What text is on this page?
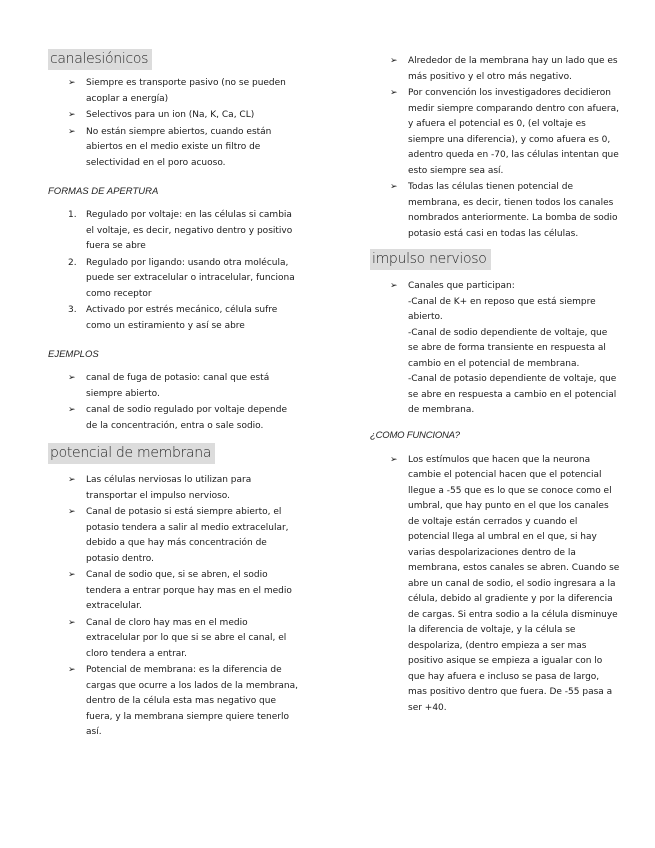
canalesiónicos
➢ Siempre es transporte pasivo (no se pueden acoplar a energía)
➢ Selectivos para un ion (Na, K, Ca, CL)
➢ No están siempre abiertos, cuando están abiertos en el medio existe un filtro de selectividad en el poro acuoso.
FORMAS DE APERTURA
1. Regulado por voltaje: en las células si cambia el voltaje, es decir, negativo dentro y positivo fuera se abre
2. Regulado por ligando: usando otra molécula, puede ser extracelular o intracelular, funciona como receptor
3. Activado por estrés mecánico, célula sufre como un estiramiento y así se abre
EJEMPLOS
➢ canal de fuga de potasio: canal que está siempre abierto.
➢ canal de sodio regulado por voltaje depende de la concentración, entra o sale sodio.
potencial de membrana
➢ Las células nerviosas lo utilizan para transportar el impulso nervioso.
➢ Canal de potasio si está siempre abierto, el potasio tendera a salir al medio extracelular, debido a que hay más concentración de potasio dentro.
➢ Canal de sodio que, si se abren, el sodio tendera a entrar porque hay mas en el medio extracelular.
➢ Canal de cloro hay mas en el medio extracelular por lo que si se abre el canal, el cloro tendera a entrar.
➢ Potencial de membrana: es la diferencia de cargas que ocurre a los lados de la membrana, dentro de la célula esta mas negativo que fuera, y la membrana siempre quiere tenerlo así.
➢ Alrededor de la membrana hay un lado que es más positivo y el otro más negativo.
➢ Por convención los investigadores decidieron medir siempre comparando dentro con afuera, y afuera el potencial es 0, (el voltaje es siempre una diferencia), y como afuera es 0, adentro queda en -70, las células intentan que esto siempre sea así.
➢ Todas las células tienen potencial de membrana, es decir, tienen todos los canales nombrados anteriormente. La bomba de sodio potasio está casi en todas las células.
impulso nervioso
➢ Canales que participan:
-Canal de K+ en reposo que está siempre abierto.
-Canal de sodio dependiente de voltaje, que se abre de forma transiente en respuesta al cambio en el potencial de membrana.
-Canal de potasio dependiente de voltaje, que se abre en respuesta a cambio en el potencial de membrana.
¿COMO FUNCIONA?
➢ Los estímulos que hacen que la neurona cambie el potencial hacen que el potencial llegue a -55 que es lo que se conoce como el umbral, que hay punto en el que los canales de voltaje están cerrados y cuando el potencial llega al umbral en el que, si hay varias despolarizaciones dentro de la membrana, estos canales se abren. Cuando se abre un canal de sodio, el sodio ingresara a la célula, debido al gradiente y por la diferencia de cargas. Si entra sodio a la célula disminuye la diferencia de voltaje, y la célula se despolariza, (dentro empieza a ser mas positivo asique se empieza a igualar con lo que hay afuera e incluso se pasa de largo, mas positivo dentro que fuera. De -55 pasa a ser +40.
